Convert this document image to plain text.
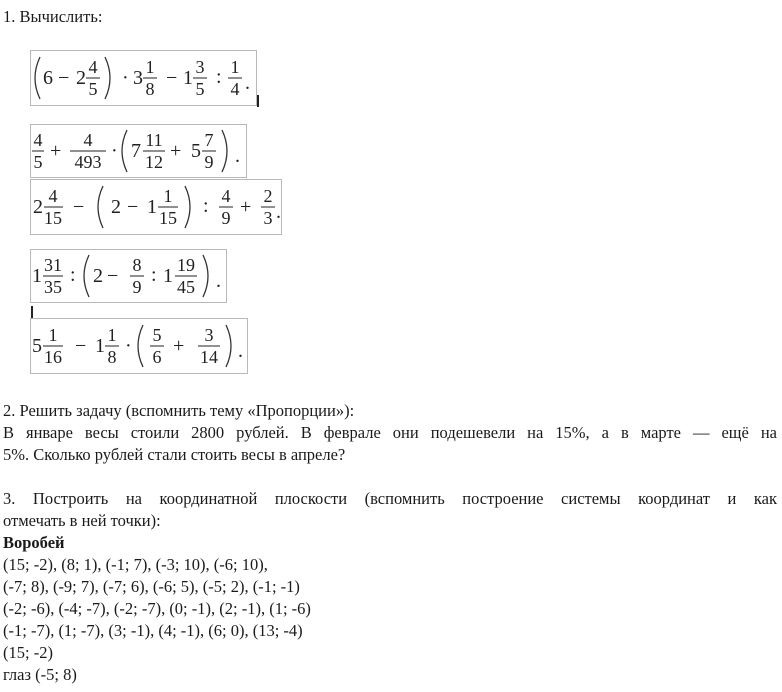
1. Вычислить:
6 − 2 4
5 · 3 1
8 − 1 3
5
: 1
4 .
4
5 + 4
493 · 7 11
12 + 5 7
9 .
2 4
15 − 2 − 1 1
15
: 4
9 + 2
3 .
1 31
35
: 2 − 8
9
: 1 19
45 .
5 1
16 − 1 1
8 · 5
6 + 3
14 .
2. Решить задачу (вспомнить тему «Пропорции»):
В январе весы стоили 2800 рублей. В феврале они подешевели на 15%, а в марте — ещё на
5%. Сколько рублей стали стоить весы в апреле?
3. Построить на координатной плоскости (вспомнить построение системы координат и как
отмечать в ней точки):
Воробей
(15; -2), (8; 1), (-1; 7), (-3; 10), (-6; 10),
(-7; 8), (-9; 7), (-7; 6), (-6; 5), (-5; 2), (-1; -1)
(-2; -6), (-4; -7), (-2; -7), (0; -1), (2; -1), (1; -6)
(-1; -7), (1; -7), (3; -1), (4; -1), (6; 0), (13; -4)
(15; -2)
глаз (-5; 8)
